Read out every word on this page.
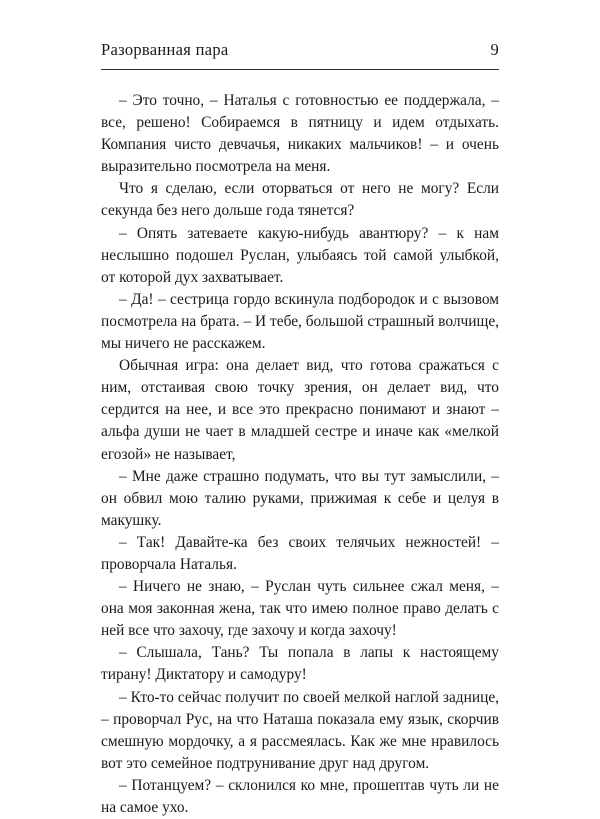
Разорванная пара	9

– Это точно, – Наталья с готовностью ее поддержала, – все, решено! Собираемся в пятницу и идем отдыхать. Компания чисто девчачья, никаких мальчиков! – и очень выразительно посмотрела на меня.

Что я сделаю, если оторваться от него не могу? Если секунда без него дольше года тянется?

– Опять затеваете какую-нибудь авантюру? – к нам неслышно подошел Руслан, улыбаясь той самой улыбкой, от которой дух захватывает.

– Да! – сестрица гордо вскинула подбородок и с вызовом посмотрела на брата. – И тебе, большой страшный волчище, мы ничего не расскажем.

Обычная игра: она делает вид, что готова сражаться с ним, отстаивая свою точку зрения, он делает вид, что сердится на нее, и все это прекрасно понимают и знают – альфа души не чает в младшей сестре и иначе как «мелкой егозой» не называет,

– Мне даже страшно подумать, что вы тут замыслили, – он обвил мою талию руками, прижимая к себе и целуя в макушку.

– Так! Давайте-ка без своих телячьих нежностей! – проворчала Наталья.

– Ничего не знаю, – Руслан чуть сильнее сжал меня, – она моя законная жена, так что имею полное право делать с ней все что захочу, где захочу и когда захочу!

– Слышала, Тань? Ты попала в лапы к настоящему тирану! Диктатору и самодуру!

– Кто-то сейчас получит по своей мелкой наглой заднице, – проворчал Рус, на что Наташа показала ему язык, скорчив смешную мордочку, а я рассмеялась. Как же мне нравилось вот это семейное подтрунивание друг над другом.

– Потанцуем? – склонился ко мне, прошептав чуть ли не на самое ухо.
